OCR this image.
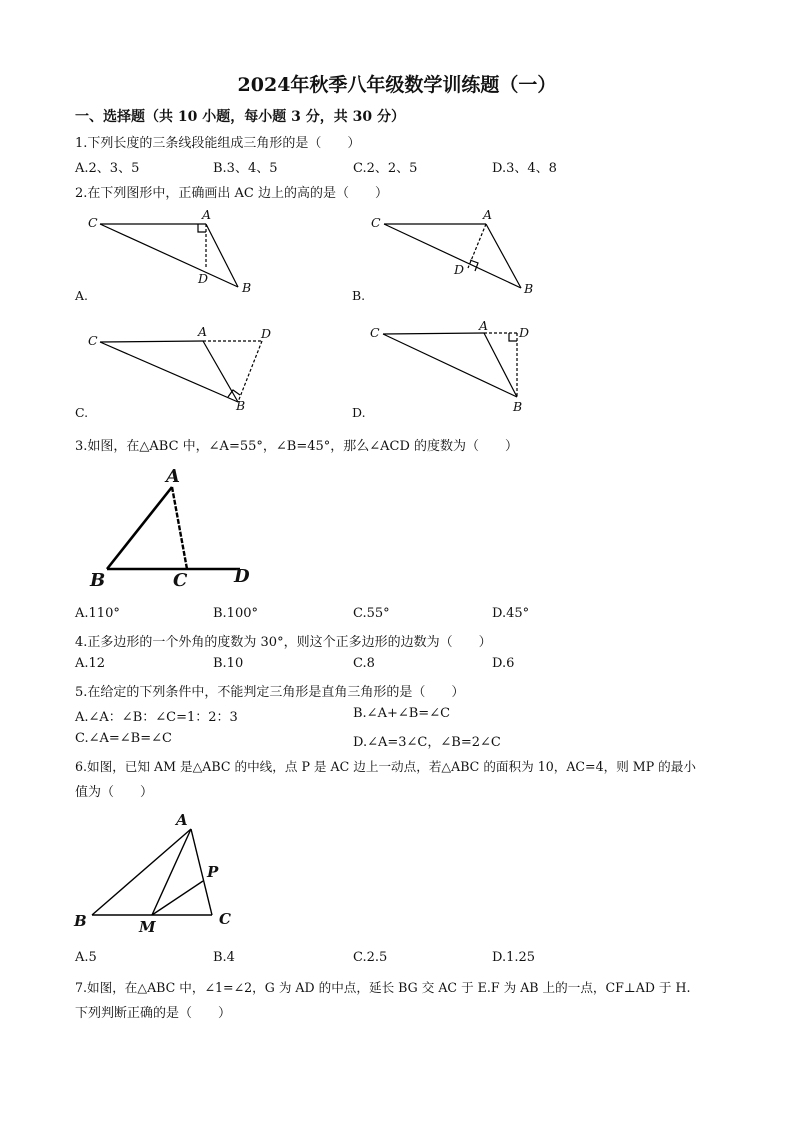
2024年秋季八年级数学训练题（一）
一、选择题（共 10 小题，每小题 3 分，共 30 分）
1.下列长度的三条线段能组成三角形的是（　　）
A.2、3、5	B.3、4、5	C.2、2、5	D.3、4、8
2.在下列图形中，正确画出 AC 边上的高的是（　　）
C
A
D
B
A.
C
A
D
B
B.
C
A	D
B
C.
C	A D
B
D.
A
B	C	D
A
B	M	C
P
3.如图，在△ABC 中，∠A=55°，∠B=45°，那么∠ACD 的度数为（　　）
A.110°	B.100°	C.55°	D.45°
4.正多边形的一个外角的度数为 30°，则这个正多边形的边数为（　　）
A.12	B.10	C.8	D.6
5.在给定的下列条件中，不能判定三角形是直角三角形的是（　　）
A.∠A：∠B：∠C=1：2：3	B.∠A+∠B=∠C
C.∠A=∠B=∠C	D.∠A=3∠C，∠B=2∠C
6.如图，已知 AM 是△ABC 的中线，点 P 是 AC 边上一动点，若△ABC 的面积为 10，AC=4，则 MP 的最小
值为（　　）
A.5	B.4	C.2.5	D.1.25
7.如图，在△ABC 中，∠1=∠2，G 为 AD 的中点，延长 BG 交 AC 于 E.F 为 AB 上的一点，CF⊥AD 于 H.
下列判断正确的是（　　）
